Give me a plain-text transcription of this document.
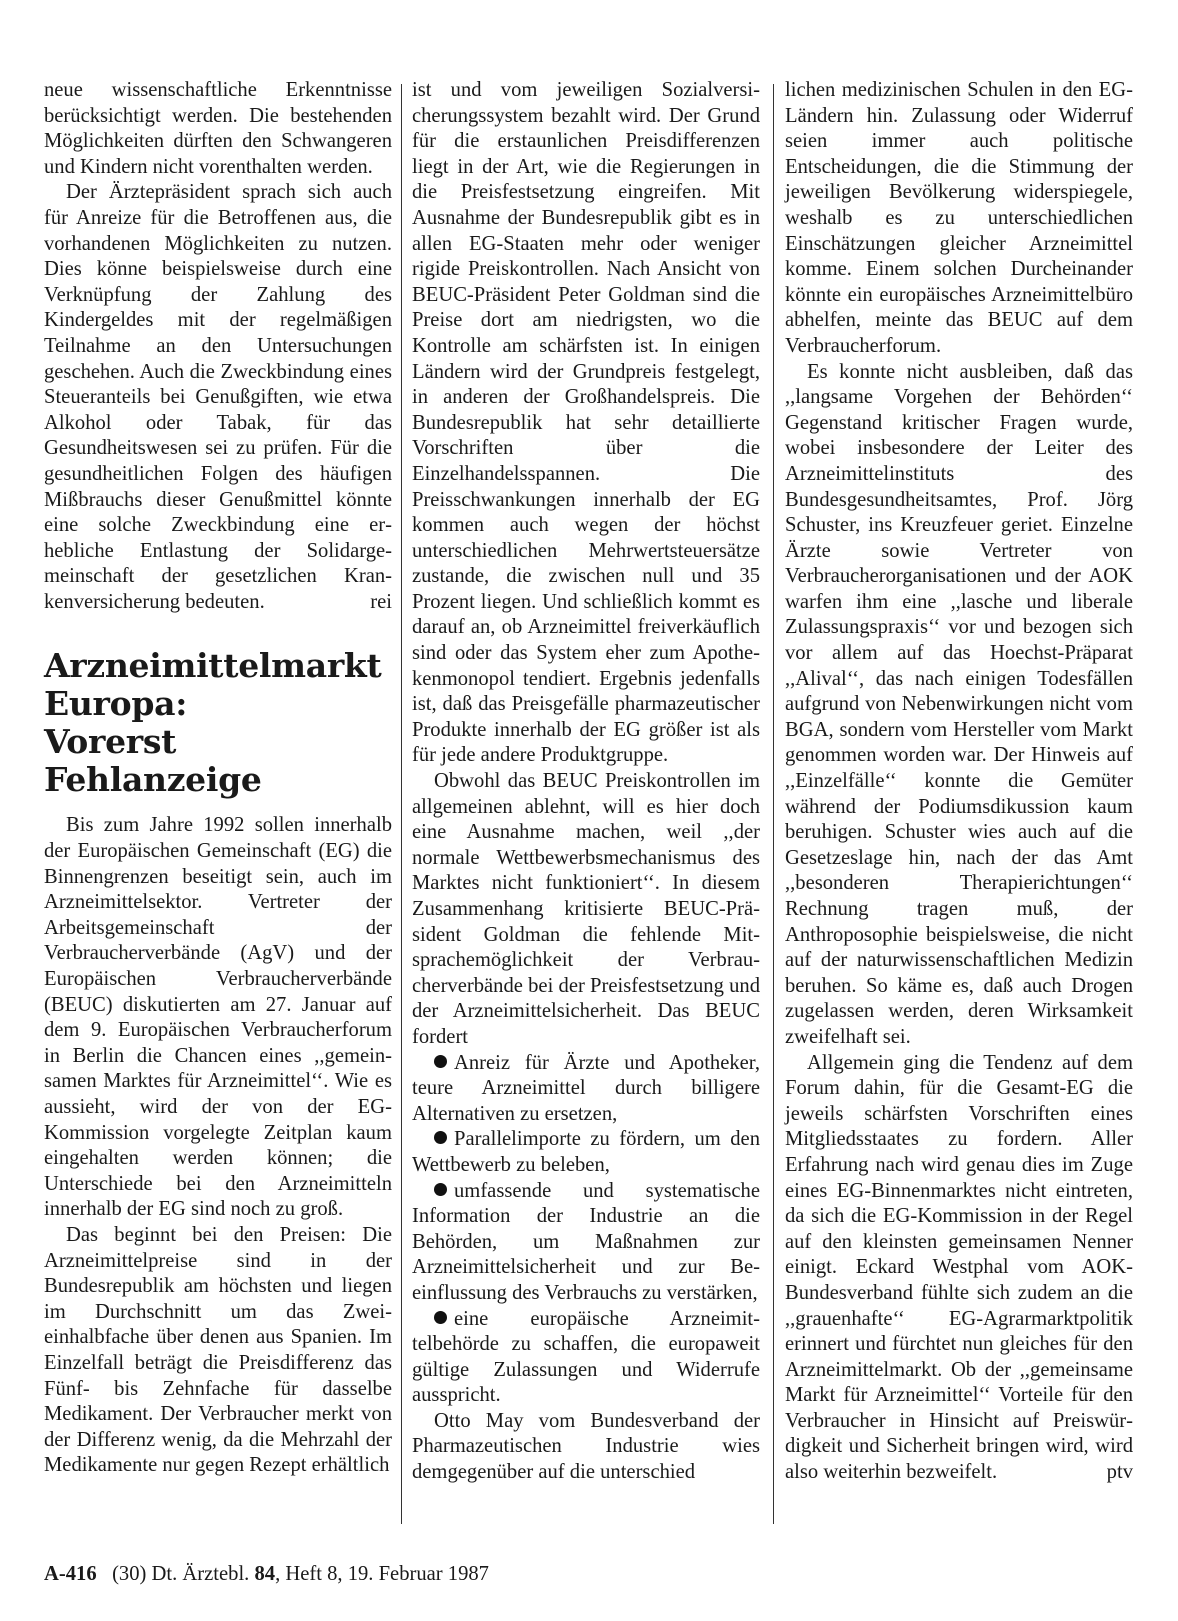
neue wissenschaftliche Erkenntnisse berücksichtigt werden. Die bestehenden Möglichkeiten dürften den Schwangeren und Kindern nicht vorenthalten werden.

Der Ärztepräsident sprach sich auch für Anreize für die Betroffenen aus, die vorhandenen Möglichkeiten zu nutzen. Dies könne beispielsweise durch eine Verknüpfung der Zahlung des Kindergeldes mit der regelmäßigen Teilnahme an den Untersuchungen geschehen. Auch die Zweckbindung eines Steueranteils bei Genußgiften, wie etwa Alkohol oder Tabak, für das Gesundheitswesen sei zu prüfen. Für die gesundheitlichen Folgen des häufigen Mißbrauchs dieser Genußmittel könnte eine solche Zweckbindung eine erhebliche Entlastung der Solidargemeinschaft der gesetzlichen Krankenversicherung bedeuten.	rei

Arzneimittelmarkt
Europa:
Vorerst Fehlanzeige

Bis zum Jahre 1992 sollen innerhalb der Europäischen Gemeinschaft (EG) die Binnengrenzen beseitigt sein, auch im Arzneimittelsektor. Vertreter der Arbeitsgemeinschaft der Verbraucherverbände (AgV) und der Europäischen Verbraucherverbände (BEUC) diskutierten am 27. Januar auf dem 9. Europäischen Verbraucherforum in Berlin die Chancen eines ,,gemeinsamen Marktes für Arzneimittel‘‘. Wie es aussieht, wird der von der EG-Kommission vorgelegte Zeitplan kaum eingehalten werden können; die Unterschiede bei den Arzneimitteln innerhalb der EG sind noch zu groß.

Das beginnt bei den Preisen: Die Arzneimittelpreise sind in der Bundesrepublik am höchsten und liegen im Durchschnitt um das Zweieinhalbfache über denen aus Spanien. Im Einzelfall beträgt die Preisdifferenz das Fünf- bis Zehnfache für dasselbe Medikament. Der Verbraucher merkt von der Differenz wenig, da die Mehrzahl der Medikamente nur gegen Rezept erhältlich

ist und vom jeweiligen Sozialversicherungssystem bezahlt wird. Der Grund für die erstaunlichen Preisdifferenzen liegt in der Art, wie die Regierungen in die Preisfestsetzung eingreifen. Mit Ausnahme der Bundesrepublik gibt es in allen EG-Staaten mehr oder weniger rigide Preiskontrollen. Nach Ansicht von BEUC-Präsident Peter Goldman sind die Preise dort am niedrigsten, wo die Kontrolle am schärfsten ist. In einigen Ländern wird der Grundpreis festgelegt, in anderen der Großhandelspreis. Die Bundesrepublik hat sehr detaillierte Vorschriften über die Einzelhandelsspannen. Die Preisschwankungen innerhalb der EG kommen auch wegen der höchst unterschiedlichen Mehrwertsteuersätze zustande, die zwischen null und 35 Prozent liegen. Und schließlich kommt es darauf an, ob Arzneimittel freiverkäuflich sind oder das System eher zum Apothekenmonopol tendiert. Ergebnis jedenfalls ist, daß das Preisgefälle pharmazeutischer Produkte innerhalb der EG größer ist als für jede andere Produktgruppe.

Obwohl das BEUC Preiskontrollen im allgemeinen ablehnt, will es hier doch eine Ausnahme machen, weil ,,der normale Wettbewerbsmechanismus des Marktes nicht funktioniert‘‘. In diesem Zusammenhang kritisierte BEUC-Präsident Goldman die fehlende Mitsprachemöglichkeit der Verbraucherverbände bei der Preisfestsetzung und der Arzneimittelsicherheit. Das BEUC fordert

Anreiz für Ärzte und Apotheker, teure Arzneimittel durch billigere Alternativen zu ersetzen,

Parallelimporte zu fördern, um den Wettbewerb zu beleben,

umfassende und systematische Information der Industrie an die Behörden, um Maßnahmen zur Arzneimittelsicherheit und zur Beeinflussung des Verbrauchs zu verstärken,

eine europäische Arzneimittelbehörde zu schaffen, die europaweit gültige Zulassungen und Widerrufe ausspricht.

Otto May vom Bundesverband der Pharmazeutischen Industrie wies demgegenüber auf die unterschied

lichen medizinischen Schulen in den EG-Ländern hin. Zulassung oder Widerruf seien immer auch politische Entscheidungen, die die Stimmung der jeweiligen Bevölkerung widerspiegele, weshalb es zu unterschiedlichen Einschätzungen gleicher Arzneimittel komme. Einem solchen Durcheinander könnte ein europäisches Arzneimittelbüro abhelfen, meinte das BEUC auf dem Verbraucherforum.

Es konnte nicht ausbleiben, daß das ,,langsame Vorgehen der Behörden‘‘ Gegenstand kritischer Fragen wurde, wobei insbesondere der Leiter des Arzneimittelinstituts des Bundesgesundheitsamtes, Prof. Jörg Schuster, ins Kreuzfeuer geriet. Einzelne Ärzte sowie Vertreter von Verbraucherorganisationen und der AOK warfen ihm eine ,,lasche und liberale Zulassungspraxis‘‘ vor und bezogen sich vor allem auf das Hoechst-Präparat ,,Alival‘‘, das nach einigen Todesfällen aufgrund von Nebenwirkungen nicht vom BGA, sondern vom Hersteller vom Markt genommen worden war. Der Hinweis auf ,,Einzelfälle‘‘ konnte die Gemüter während der Podiumsdikussion kaum beruhigen. Schuster wies auch auf die Gesetzeslage hin, nach der das Amt ,,besonderen Therapierichtungen‘‘ Rechnung tragen muß, der Anthroposophie beispielsweise, die nicht auf der naturwissenschaftlichen Medizin beruhen. So käme es, daß auch Drogen zugelassen werden, deren Wirksamkeit zweifelhaft sei.

Allgemein ging die Tendenz auf dem Forum dahin, für die Gesamt-EG die jeweils schärfsten Vorschriften eines Mitgliedsstaates zu fordern. Aller Erfahrung nach wird genau dies im Zuge eines EG-Binnenmarktes nicht eintreten, da sich die EG-Kommission in der Regel auf den kleinsten gemeinsamen Nenner einigt. Eckard Westphal vom AOK-Bundesverband fühlte sich zudem an die ,,grauenhafte‘‘ EG-Agrarmarktpolitik erinnert und fürchtet nun gleiches für den Arzneimittelmarkt. Ob der ,,gemeinsame Markt für Arzneimittel‘‘ Vorteile für den Verbraucher in Hinsicht auf Preiswürdigkeit und Sicherheit bringen wird, wird also weiterhin bezweifelt.	ptv

A-416 (30) Dt. Ärztebl. 84, Heft 8, 19. Februar 1987
